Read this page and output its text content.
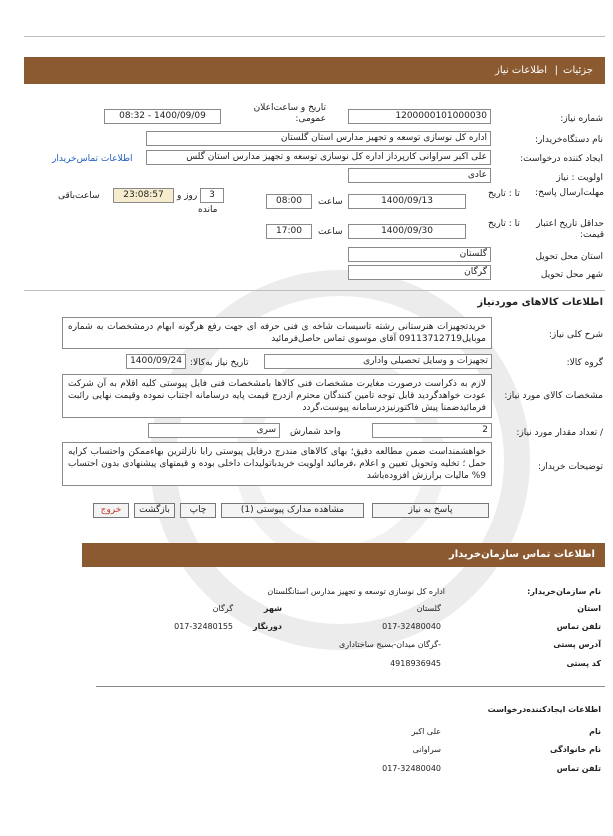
جزئیات
|
اطلاعات نیاز
شماره نیاز:
1200000101000030
تاریخ و ساعت‌اعلان عمومی:
1400/09/09 - 08:32
نام دستگاه‌خریدار:
اداره کل نوسازی توسعه و تجهیز مدارس استان گلستان
ایجاد کننده درخواست:
علی اکبر سراوانی کارپرداز اداره کل نوسازی توسعه و تجهیز مدارس استان گلس
اطلاعات تماس‌خریدار
اولویت : نیاز
عادی
مهلت‌ارسال پاسخ:
تا : تاریخ
1400/09/13
ساعت
08:00
3
روز و
23:08:57
مانده
ساعت‌باقی
حداقل تاریخ اعتبار قیمت:
تا : تاریخ
1400/09/30
ساعت
17:00
استان محل تحویل
گلستان
شهر محل تحویل
گرگان
اطلاعات کالاهای موردنیاز
شرح کلی نیاز:
خریدتجهیزات هنرستانی رشته تاسیسات شاخه ی فنی حرفه ای جهت رفع هرگونه ابهام درمشخصات به شماره موبایل09113712719 آقای موسوی تماس حاصل‌فرمائید
گروه کالا:
تجهیزات و وسایل تحصیلی واداری
تاریخ نیاز به‌کالا:
1400/09/24
مشخصات کالای مورد نیاز:
لازم به ذکراست درصورت مغایرت مشخصات فنی کالاها بامشخصات فنی فایل پیوستی کلیه اقلام به آن شرکت عودت خواهدگردید قابل توجه تامین کنندگان محترم ازدرج قیمت پایه درسامانه اجتناب نموده وقیمت نهایی رائبت فرمائیدضمنا پیش فاکتورنیزدرسامانه پیوست،گردد
/ تعداد مقدار مورد نیاز:
2
واحد شمارش
سری
توضیحات خریدار:
خواهشمنداست ضمن مطالعه دقیق؛ بهای کالاهای مندرج درفایل پیوستی رابا نازلترین بهاءممکن واحتساب کرایه حمل ؛ تخلیه وتحویل تعیین و اعلام ،فرمائید اولویت خریدباتولیدات داخلی بوده و قیمتهای پیشنهادی بدون احتساب 9% مالیات برارزش افزوده‌باشد
پاسخ به نیاز
مشاهده مدارک پیوستی (1)
چاپ
بازگشت
خروج
اطلاعات تماس سازمان‌خریدار
نام سازمان‌خریدار:
اداره کل نوسازی توسعه و تجهیز مدارس استانگلستان
استان
گلستان
شهر
گرگان
تلفن تماس
017-32480040
دورنگار
017-32480155
آدرس پستی
-گرگان میدان-بسیج ساختاداری
کد پستی
4918936945
اطلاعات ایجادکننده‌درخواست
نام
علی اکبر
نام خانوادگی
سراوانی
تلفن تماس
017-32480040
